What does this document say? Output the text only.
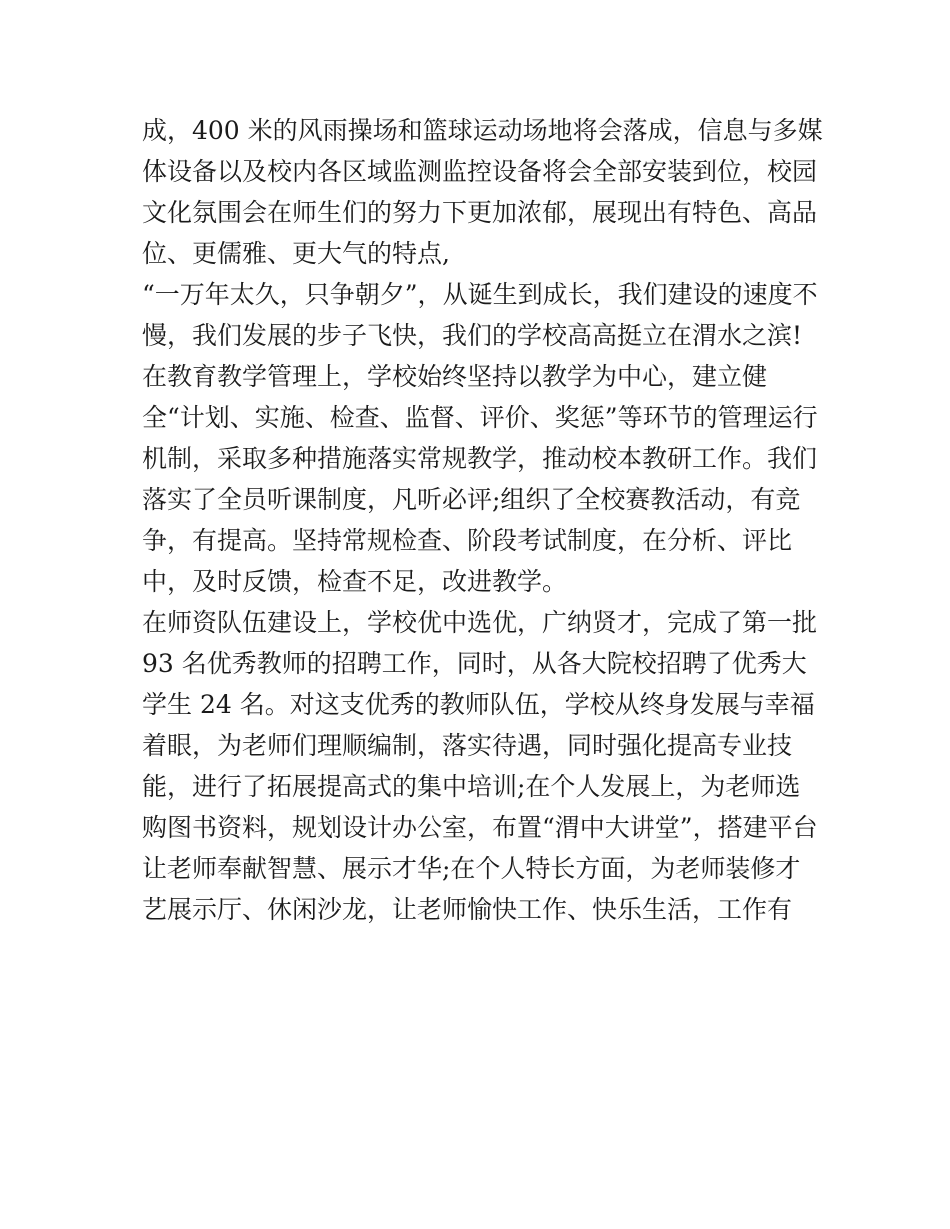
成，400 米的风雨操场和篮球运动场地将会落成，信息与多媒

体设备以及校内各区域监测监控设备将会全部安装到位，校园

文化氛围会在师生们的努力下更加浓郁，展现出有特色、高品

位、更儒雅、更大气的特点,

“一万年太久，只争朝夕”，从诞生到成长，我们建设的速度不

慢，我们发展的步子飞快，我们的学校高高挺立在渭水之滨!

在教育教学管理上，学校始终坚持以教学为中心，建立健

全“计划、实施、检查、监督、评价、奖惩”等环节的管理运行

机制，采取多种措施落实常规教学，推动校本教研工作。我们

落实了全员听课制度，凡听必评;组织了全校赛教活动，有竞

争，有提高。坚持常规检查、阶段考试制度，在分析、评比

中，及时反馈，检查不足，改进教学。

在师资队伍建设上，学校优中选优，广纳贤才，完成了第一批

93 名优秀教师的招聘工作，同时，从各大院校招聘了优秀大

学生 24 名。对这支优秀的教师队伍，学校从终身发展与幸福

着眼，为老师们理顺编制，落实待遇，同时强化提高专业技

能，进行了拓展提高式的集中培训;在个人发展上，为老师选

购图书资料，规划设计办公室，布置“渭中大讲堂”，搭建平台

让老师奉献智慧、展示才华;在个人特长方面，为老师装修才

艺展示厅、休闲沙龙，让老师愉快工作、快乐生活，工作有
